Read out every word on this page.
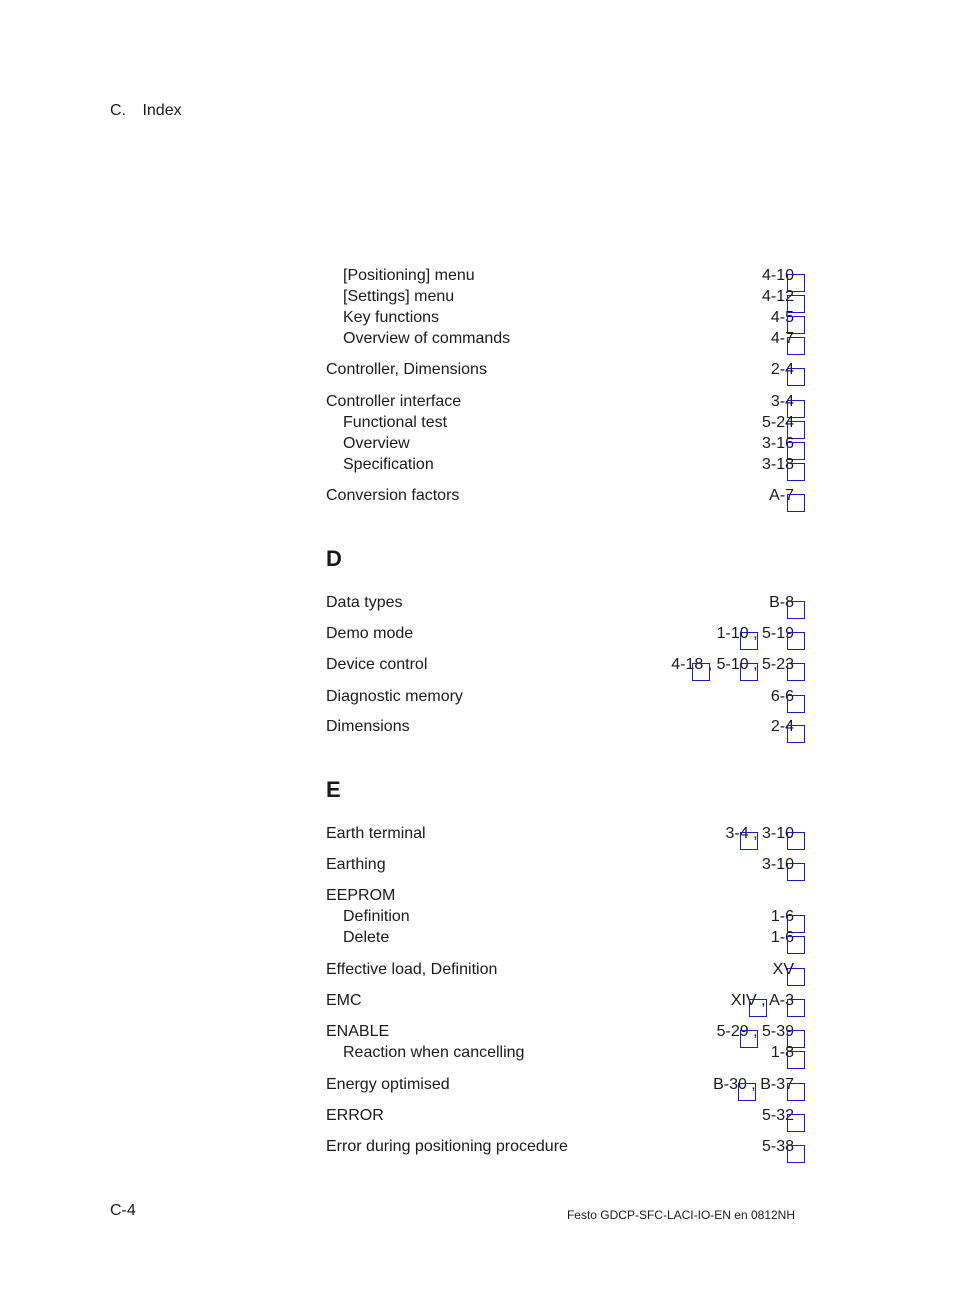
C. Index
[Positioning] menu	4-10
[Settings] menu	4-12
Key functions	4-5
Overview of commands	4-7
Controller, Dimensions	2-4
Controller interface	3-4
Functional test	5-24
Overview	3-16
Specification	3-18
Conversion factors	A-7
D
Data types	B-8
Demo mode	1-10 , 5-19
Device control	4-18 , 5-10 , 5-23
Diagnostic memory	6-6
Dimensions	2-4
E
Earth terminal	3-4 , 3-10
Earthing	3-10
EEPROM
Definition	1-6
Delete	1-6
Effective load, Definition	XV
EMC	XIV , A-3
ENABLE	5-29 , 5-39
Reaction when cancelling	1-8
Energy optimised	B-30 , B-37
ERROR	5-32
Error during positioning procedure	5-38
C-4	Festo GDCP-SFC-LACI-IO-EN en 0812NH
